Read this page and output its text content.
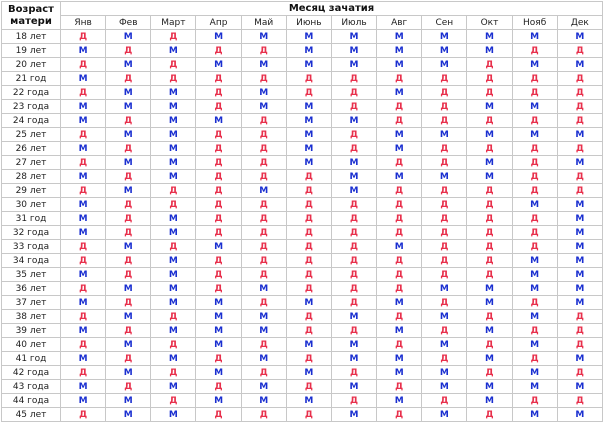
Возраст
матери	Месяц зачатия											
	Янв	Фев	Март	Апр	Май	Июнь	Июль	Авг	Сен	Окт	Нояб	Дек
18 лет	Д	М	Д	М	М	М	М	М	М	М	М	М
19 лет	М	Д	М	Д	Д	М	М	М	М	М	Д	Д
20 лет	Д	М	Д	М	М	М	М	М	М	Д	М	М
21 год	М	Д	Д	Д	Д	Д	Д	Д	Д	Д	Д	Д
22 года	Д	М	М	Д	М	Д	Д	М	Д	Д	Д	Д
23 года	М	М	М	Д	М	М	Д	Д	Д	М	М	Д
24 года	М	Д	М	М	Д	М	М	Д	Д	Д	Д	Д
25 лет	Д	М	М	Д	Д	М	Д	М	М	М	М	М
26 лет	М	Д	М	Д	Д	М	Д	М	Д	Д	Д	Д
27 лет	Д	М	М	Д	Д	М	М	Д	Д	М	Д	М
28 лет	М	Д	М	Д	Д	Д	М	М	М	М	Д	Д
29 лет	Д	М	Д	Д	М	Д	М	Д	Д	Д	Д	Д
30 лет	М	Д	Д	Д	Д	Д	Д	Д	Д	Д	М	М
31 год	М	Д	М	Д	Д	Д	Д	Д	Д	Д	Д	М
32 года	М	Д	М	Д	Д	Д	Д	Д	Д	Д	Д	М
33 года	Д	М	Д	М	Д	Д	Д	М	Д	Д	Д	М
34 года	Д	Д	М	Д	Д	Д	Д	Д	Д	Д	М	М
35 лет	М	Д	М	Д	Д	Д	Д	Д	Д	Д	М	М
36 лет	Д	М	М	Д	М	Д	Д	Д	М	М	М	М
37 лет	М	Д	М	М	Д	М	Д	М	Д	М	Д	М
38 лет	Д	М	Д	М	М	Д	М	Д	М	Д	М	Д
39 лет	М	Д	М	М	М	Д	Д	М	Д	М	Д	Д
40 лет	Д	М	Д	М	Д	М	М	Д	М	Д	М	Д
41 год	М	Д	М	Д	М	Д	М	М	Д	М	Д	М
42 года	Д	М	Д	М	Д	М	Д	М	М	Д	М	Д
43 года	М	Д	М	Д	М	Д	М	Д	М	М	М	М
44 года	М	М	Д	М	М	М	Д	М	Д	М	Д	Д
45 лет	Д	М	М	Д	Д	Д	М	Д	М	Д	М	М
